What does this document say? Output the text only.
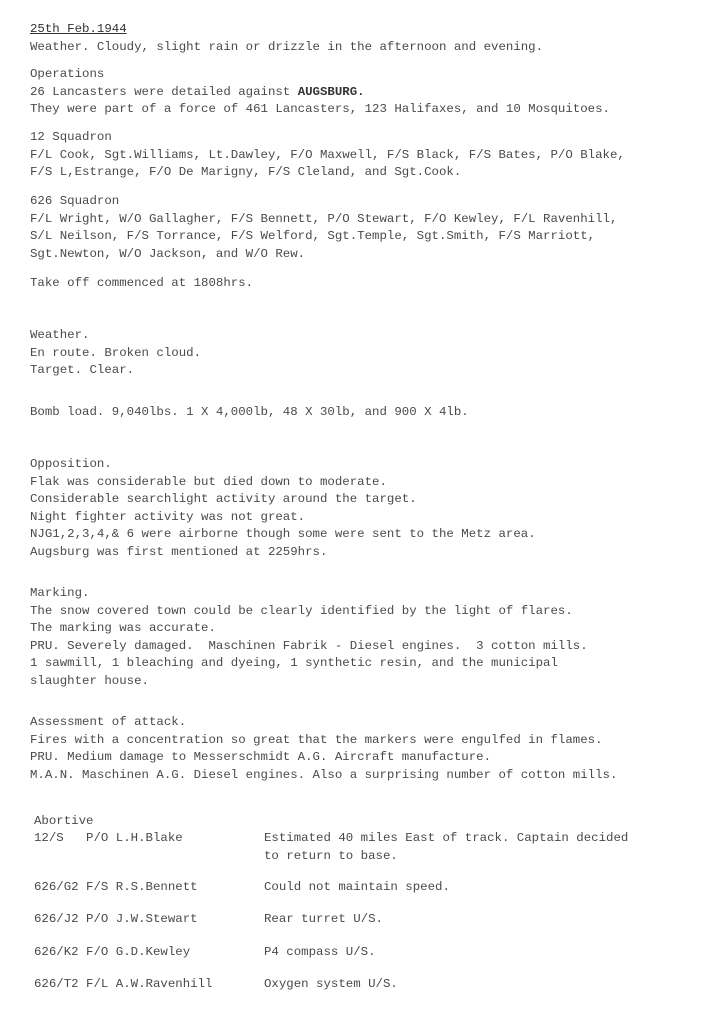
25th Feb.1944
Weather. Cloudy, slight rain or drizzle in the afternoon and evening.
Operations
26 Lancasters were detailed against AUGSBURG.
They were part of a force of 461 Lancasters, 123 Halifaxes, and 10 Mosquitoes.
12 Squadron
F/L Cook, Sgt.Williams, Lt.Dawley, F/O Maxwell, F/S Black, F/S Bates, P/O Blake,
F/S L,Estrange, F/O De Marigny, F/S Cleland, and Sgt.Cook.
626 Squadron
F/L Wright, W/O Gallagher, F/S Bennett, P/O Stewart, F/O Kewley, F/L Ravenhill,
S/L Neilson, F/S Torrance, F/S Welford, Sgt.Temple, Sgt.Smith, F/S Marriott,
Sgt.Newton, W/O Jackson, and W/O Rew.
Take off commenced at 1808hrs.
Weather.
En route. Broken cloud.
Target. Clear.
Bomb load. 9,040lbs. 1 X 4,000lb, 48 X 30lb, and 900 X 4lb.
Opposition.
Flak was considerable but died down to moderate.
Considerable searchlight activity around the target.
Night fighter activity was not great.
NJG1,2,3,4,& 6 were airborne though some were sent to the Metz area.
Augsburg was first mentioned at 2259hrs.
Marking.
The snow covered town could be clearly identified by the light of flares.
The marking was accurate.
PRU. Severely damaged.  Maschinen Fabrik - Diesel engines.  3 cotton mills.
1 sawmill, 1 bleaching and dyeing, 1 synthetic resin, and the municipal
slaughter house.
Assessment of attack.
Fires with a concentration so great that the markers were engulfed in flames.
PRU. Medium damage to Messerschmidt A.G. Aircraft manufacture.
M.A.N. Maschinen A.G. Diesel engines. Also a surprising number of cotton mills.
Abortive
12/S   P/O L.H.Blake	Estimated 40 miles East of track. Captain decided
to return to base.
626/G2 F/S R.S.Bennett	Could not maintain speed.
626/J2 P/O J.W.Stewart	Rear turret U/S.
626/K2 F/O G.D.Kewley	P4 compass U/S.
626/T2 F/L A.W.Ravenhill	Oxygen system U/S.
